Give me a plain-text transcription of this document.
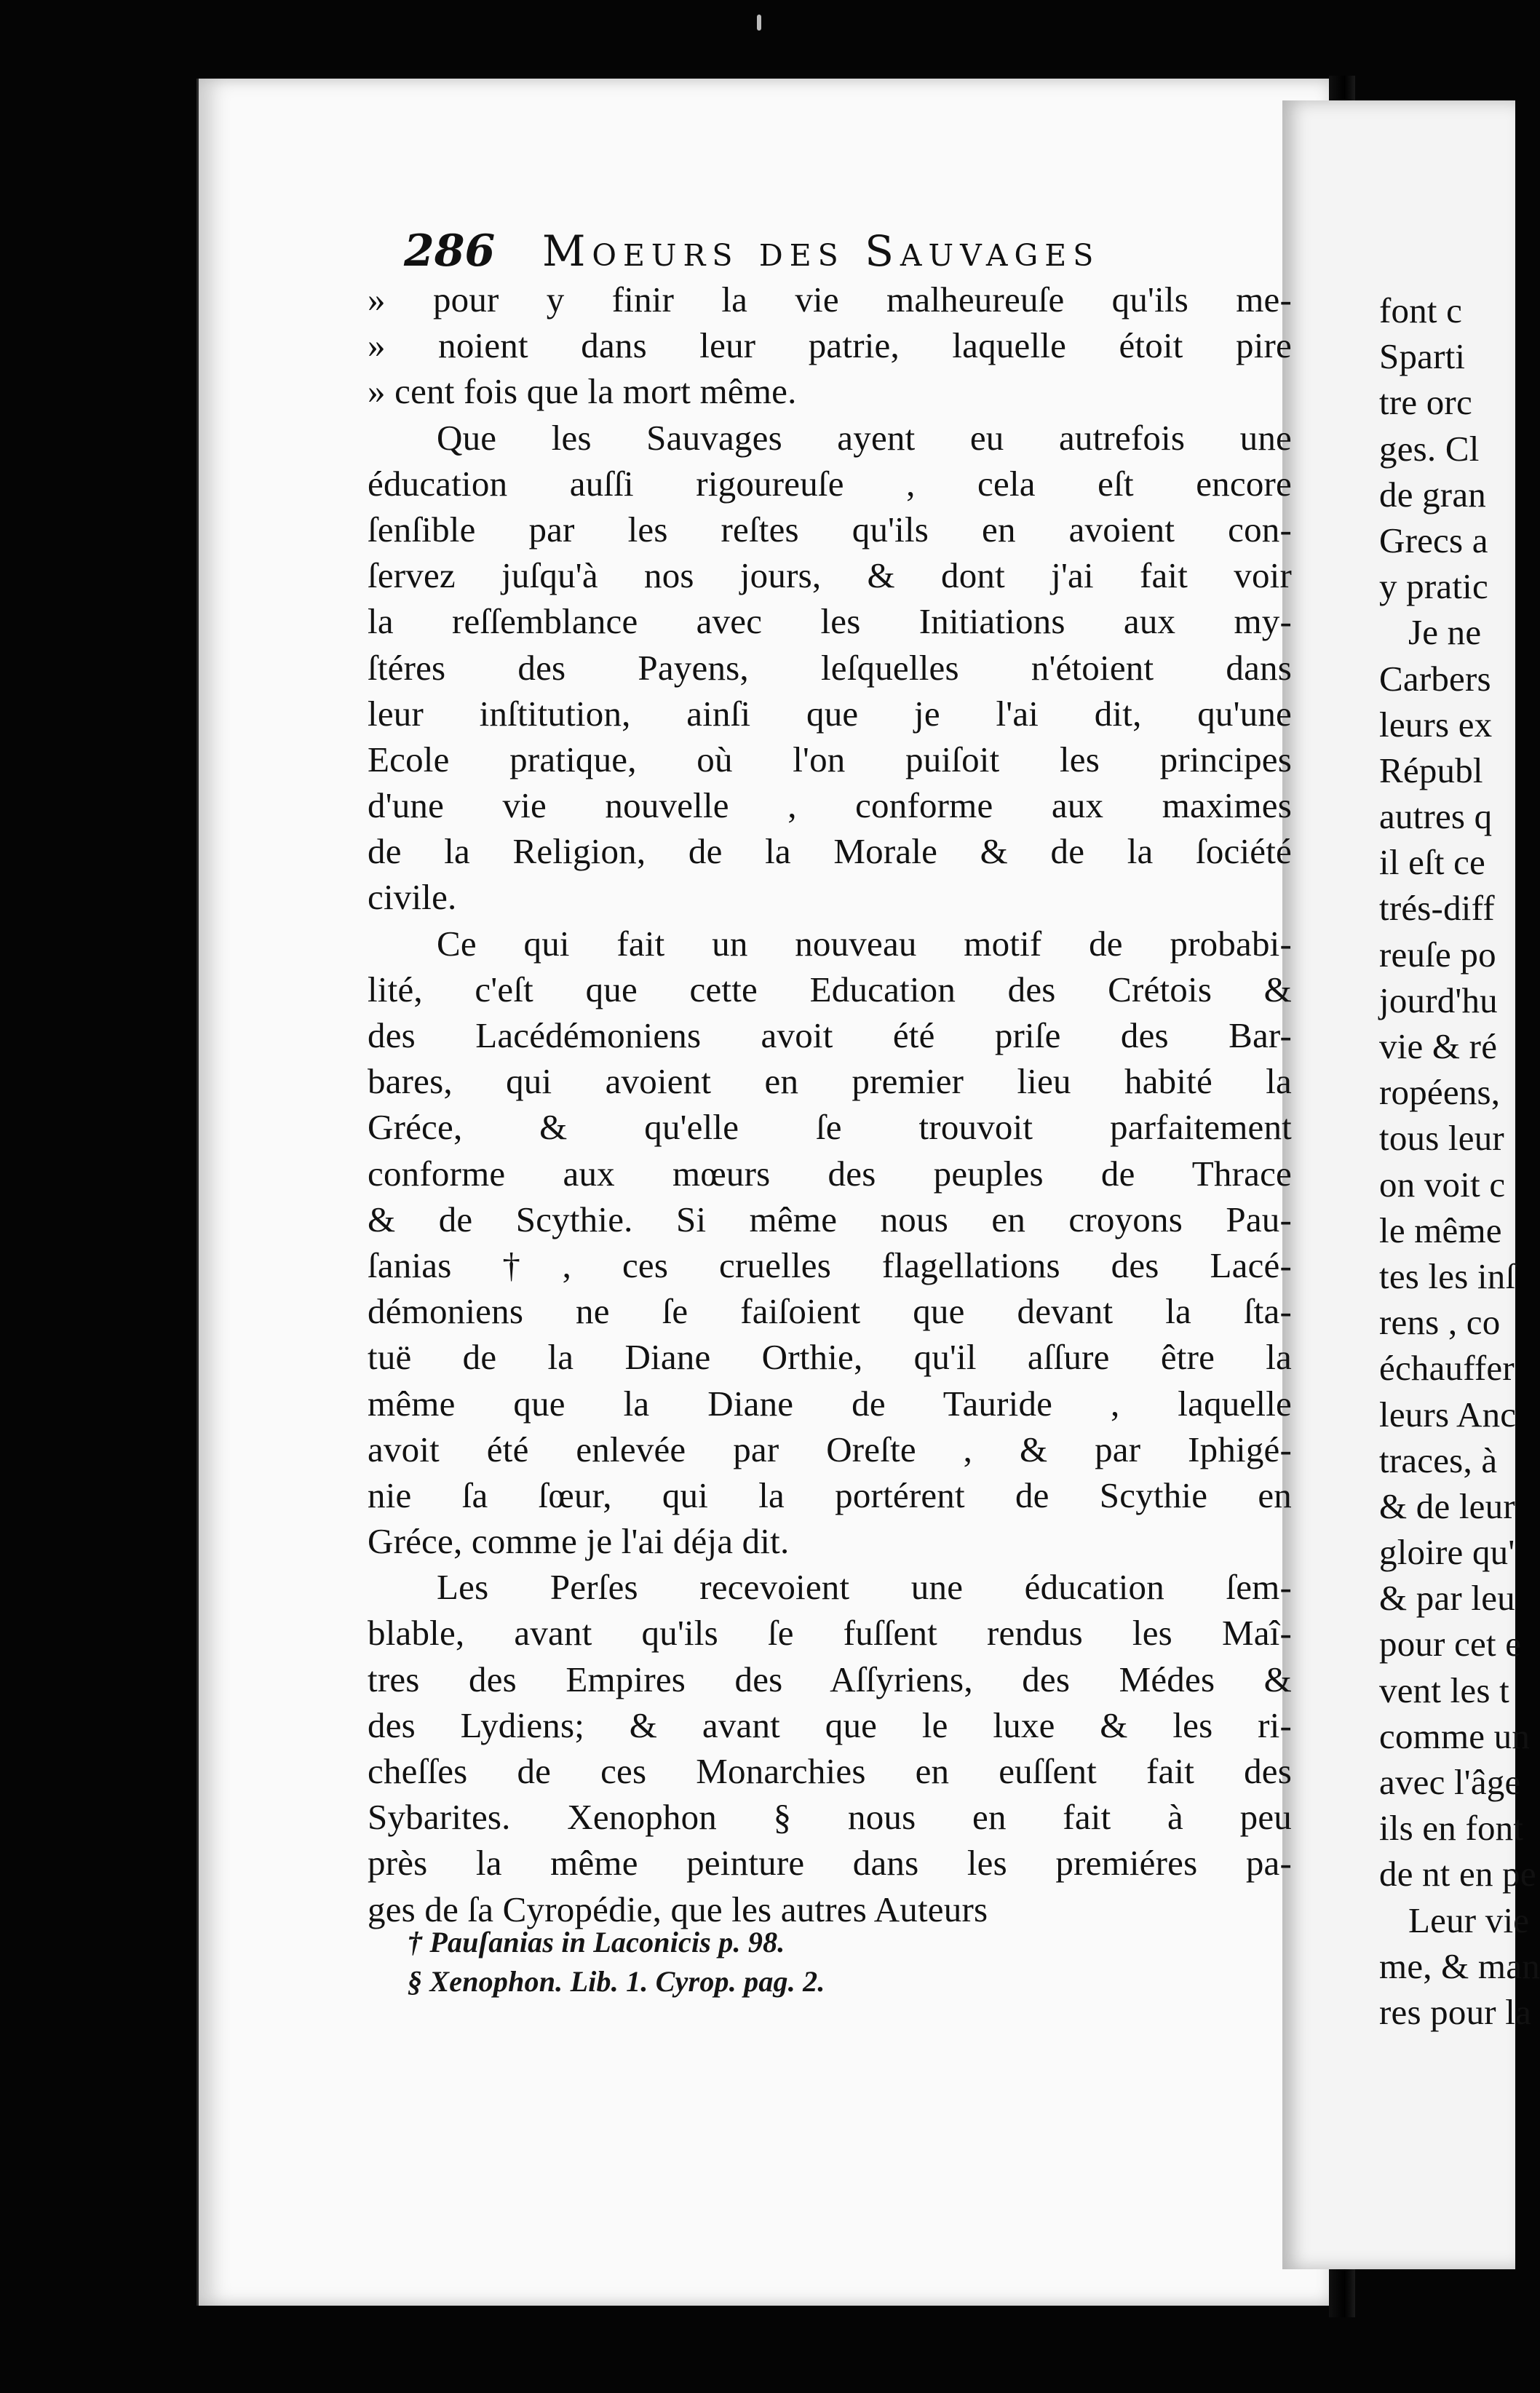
286 Moeurs des Sauvages
» pour y finir la vie malheureuſe qu'ils me-
» noient dans leur patrie, laquelle étoit pire
» cent fois que la mort même.
Que les Sauvages ayent eu autrefois une
éducation auſſi rigoureuſe , cela eſt encore
ſenſible par les reſtes qu'ils en avoient con-
ſervez juſqu'à nos jours, & dont j'ai fait voir
la reſſemblance avec les Initiations aux my-
ſtéres des Payens, leſquelles n'étoient dans
leur inſtitution, ainſi que je l'ai dit, qu'une
Ecole pratique, où l'on puiſoit les principes
d'une vie nouvelle , conforme aux maximes
de la Religion, de la Morale & de la ſociété
civile.
Ce qui fait un nouveau motif de probabi-
lité, c'eſt que cette Education des Crétois &
des Lacédémoniens avoit été priſe des Bar-
bares, qui avoient en premier lieu habité la
Gréce, & qu'elle ſe trouvoit parfaitement
conforme aux mœurs des peuples de Thrace
& de Scythie. Si même nous en croyons Pau-
ſanias †, ces cruelles flagellations des Lacé-
démoniens ne ſe faiſoient que devant la ſta-
tuë de la Diane Orthie, qu'il aſſure être la
même que la Diane de Tauride , laquelle
avoit été enlevée par Oreſte , & par Iphigé-
nie ſa ſœur, qui la portérent de Scythie en
Gréce, comme je l'ai déja dit.
Les Perſes recevoient une éducation ſem-
blable, avant qu'ils ſe fuſſent rendus les Maî-
tres des Empires des Aſſyriens, des Médes &
des Lydiens; & avant que le luxe & les ri-
cheſſes de ces Monarchies en euſſent fait des
Sybarites. Xenophon § nous en fait à peu
près la même peinture dans les premiéres pa-
ges de ſa Cyropédie, que les autres Auteurs
† Pauſanias in Laconicis p. 98.
§ Xenophon. Lib. 1. Cyrop. pag. 2.
font c
Sparti
tre orc
ges. Cl
de gran
Grecs a
y pratic
Je ne
Carbers
leurs ex
Républ
autres q
il eſt ce
trés-diff
reuſe po
jourd'hu
vie & ré
ropéens,
tous leur
on voit c
le même
tes les inſ
rens , co
échauffer
leurs Anc
traces, à
& de leur
gloire qu'
& par leu
pour cet e
vent les t
comme un
avec l'âge
ils en font
de nt en pe
Leur vie
me, & man
res pour la
